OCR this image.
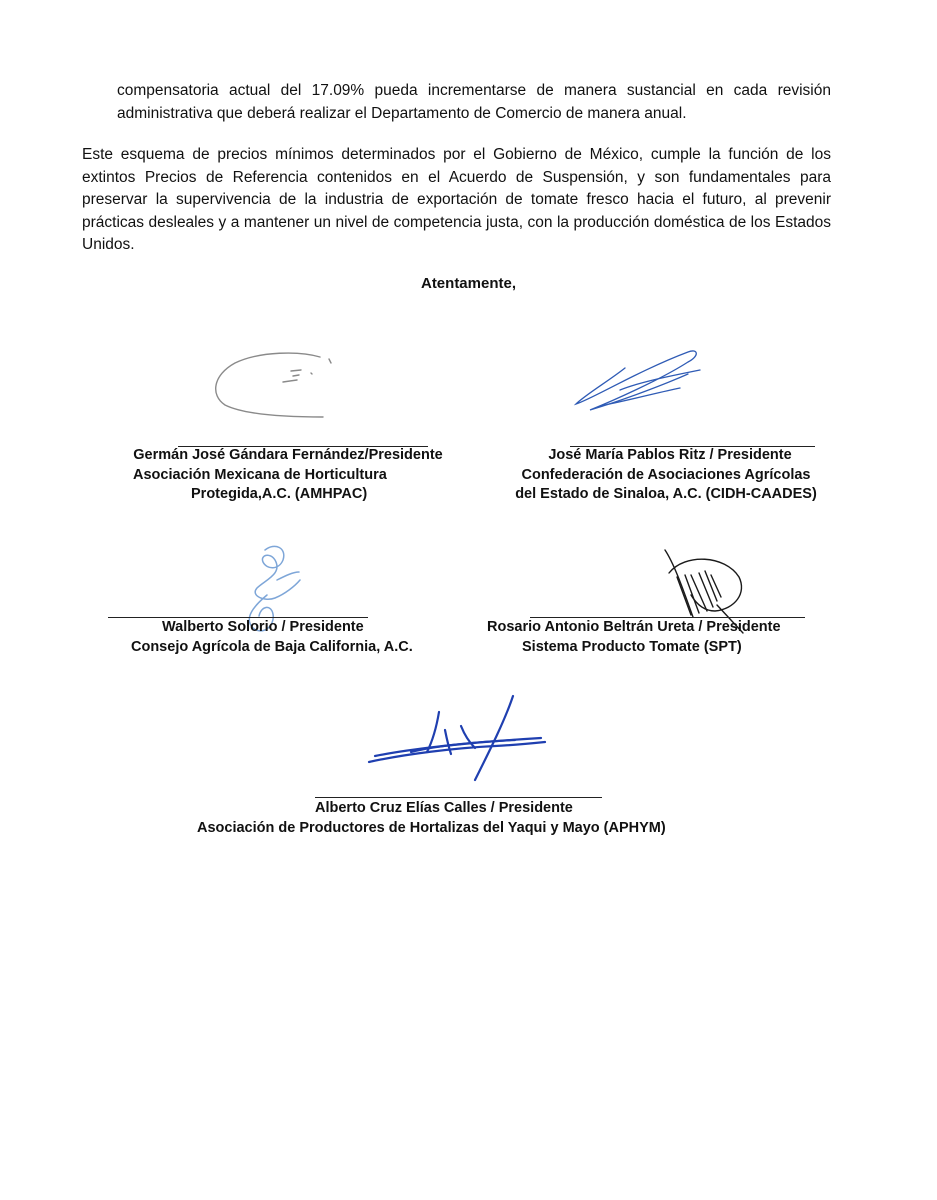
compensatoria actual del 17.09% pueda incrementarse de manera sustancial en cada revisión administrativa que deberá realizar el Departamento de Comercio de manera anual.

Este esquema de precios mínimos determinados por el Gobierno de México, cumple la función de los extintos Precios de Referencia contenidos en el Acuerdo de Suspensión, y son fundamentales para preservar la supervivencia de la industria de exportación de tomate fresco hacia el futuro, al prevenir prácticas desleales y a mantener un nivel de competencia justa, con la producción doméstica de los Estados Unidos.

Atentamente,
Germán José Gándara Fernández/Presidente
Asociación Mexicana de Horticultura
Protegida,A.C. (AMHPAC)
José María Pablos Ritz / Presidente
Confederación de Asociaciones Agrícolas
del Estado de Sinaloa, A.C. (CIDH-CAADES)
Walberto Solorio / Presidente
Consejo Agrícola de Baja California, A.C.
Rosario Antonio Beltrán Ureta / Presidente
Sistema Producto Tomate (SPT)
Alberto Cruz Elías Calles / Presidente
Asociación de Productores de Hortalizas del Yaqui y Mayo (APHYM)
